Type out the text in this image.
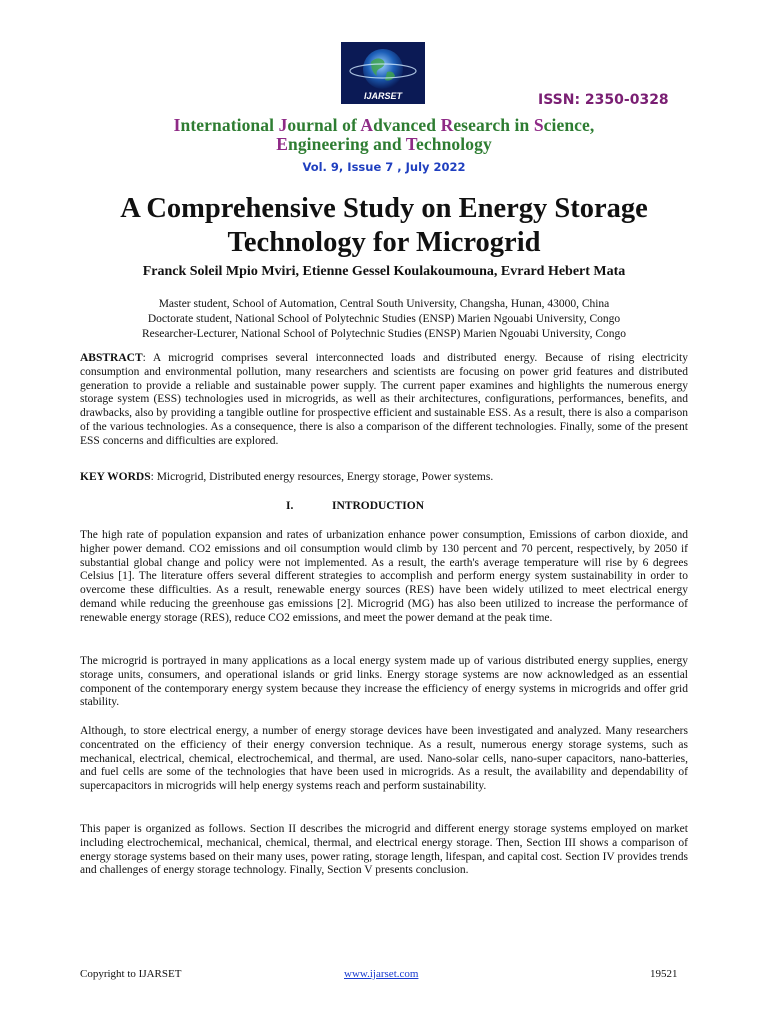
IJARSET	ISSN: 2350-0328
International Journal of Advanced Research in Science,
Engineering and Technology
Vol. 9, Issue 7 , July 2022
A Comprehensive Study on Energy Storage
Technology for Microgrid
Franck Soleil Mpio Mviri, Etienne Gessel Koulakoumouna, Evrard Hebert Mata
Master student, School of Automation, Central South University, Changsha, Hunan, 43000, China
Doctorate student, National School of Polytechnic Studies (ENSP) Marien Ngouabi University, Congo
Researcher-Lecturer, National School of Polytechnic Studies (ENSP) Marien Ngouabi University, Congo
ABSTRACT: A microgrid comprises several interconnected loads and distributed energy. Because of rising electricity consumption and environmental pollution, many researchers and scientists are focusing on power grid features and distributed generation to provide a reliable and sustainable power supply. The current paper examines and highlights the numerous energy storage system (ESS) technologies used in microgrids, as well as their architectures, configurations, performances, benefits, and drawbacks, also by providing a tangible outline for prospective efficient and sustainable ESS. As a result, there is also a comparison of the various technologies. As a consequence, there is also a comparison of the different technologies. Finally, some of the present ESS concerns and difficulties are explored.
KEY WORDS: Microgrid, Distributed energy resources, Energy storage, Power systems.
I.	INTRODUCTION
The high rate of population expansion and rates of urbanization enhance power consumption, Emissions of carbon dioxide, and higher power demand. CO2 emissions and oil consumption would climb by 130 percent and 70 percent, respectively, by 2050 if substantial global change and policy were not implemented. As a result, the earth's average temperature will rise by 6 degrees Celsius [1]. The literature offers several different strategies to accomplish and perform energy system sustainability in order to overcome these difficulties. As a result, renewable energy sources (RES) have been widely utilized to meet electrical energy demand while reducing the greenhouse gas emissions [2]. Microgrid (MG) has also been utilized to increase the performance of renewable energy storage (RES), reduce CO2 emissions, and meet the power demand at the peak time.
The microgrid is portrayed in many applications as a local energy system made up of various distributed energy supplies, energy storage units, consumers, and operational islands or grid links. Energy storage systems are now acknowledged as an essential component of the contemporary energy system because they increase the efficiency of energy systems in microgrids and offer grid stability.
Although, to store electrical energy, a number of energy storage devices have been investigated and analyzed. Many researchers concentrated on the efficiency of their energy conversion technique. As a result, numerous energy storage systems, such as mechanical, electrical, chemical, electrochemical, and thermal, are used. Nano-solar cells, nano-super capacitors, nano-batteries, and fuel cells are some of the technologies that have been used in microgrids. As a result, the availability and dependability of supercapacitors in microgrids will help energy systems reach and perform sustainability.
This paper is organized as follows. Section II describes the microgrid and different energy storage systems employed on market including electrochemical, mechanical, chemical, thermal, and electrical energy storage. Then, Section III shows a comparison of energy storage systems based on their many uses, power rating, storage length, lifespan, and capital cost. Section IV provides trends and challenges of energy storage technology. Finally, Section V presents conclusion.
Copyright to IJARSET	www.ijarset.com	19521
